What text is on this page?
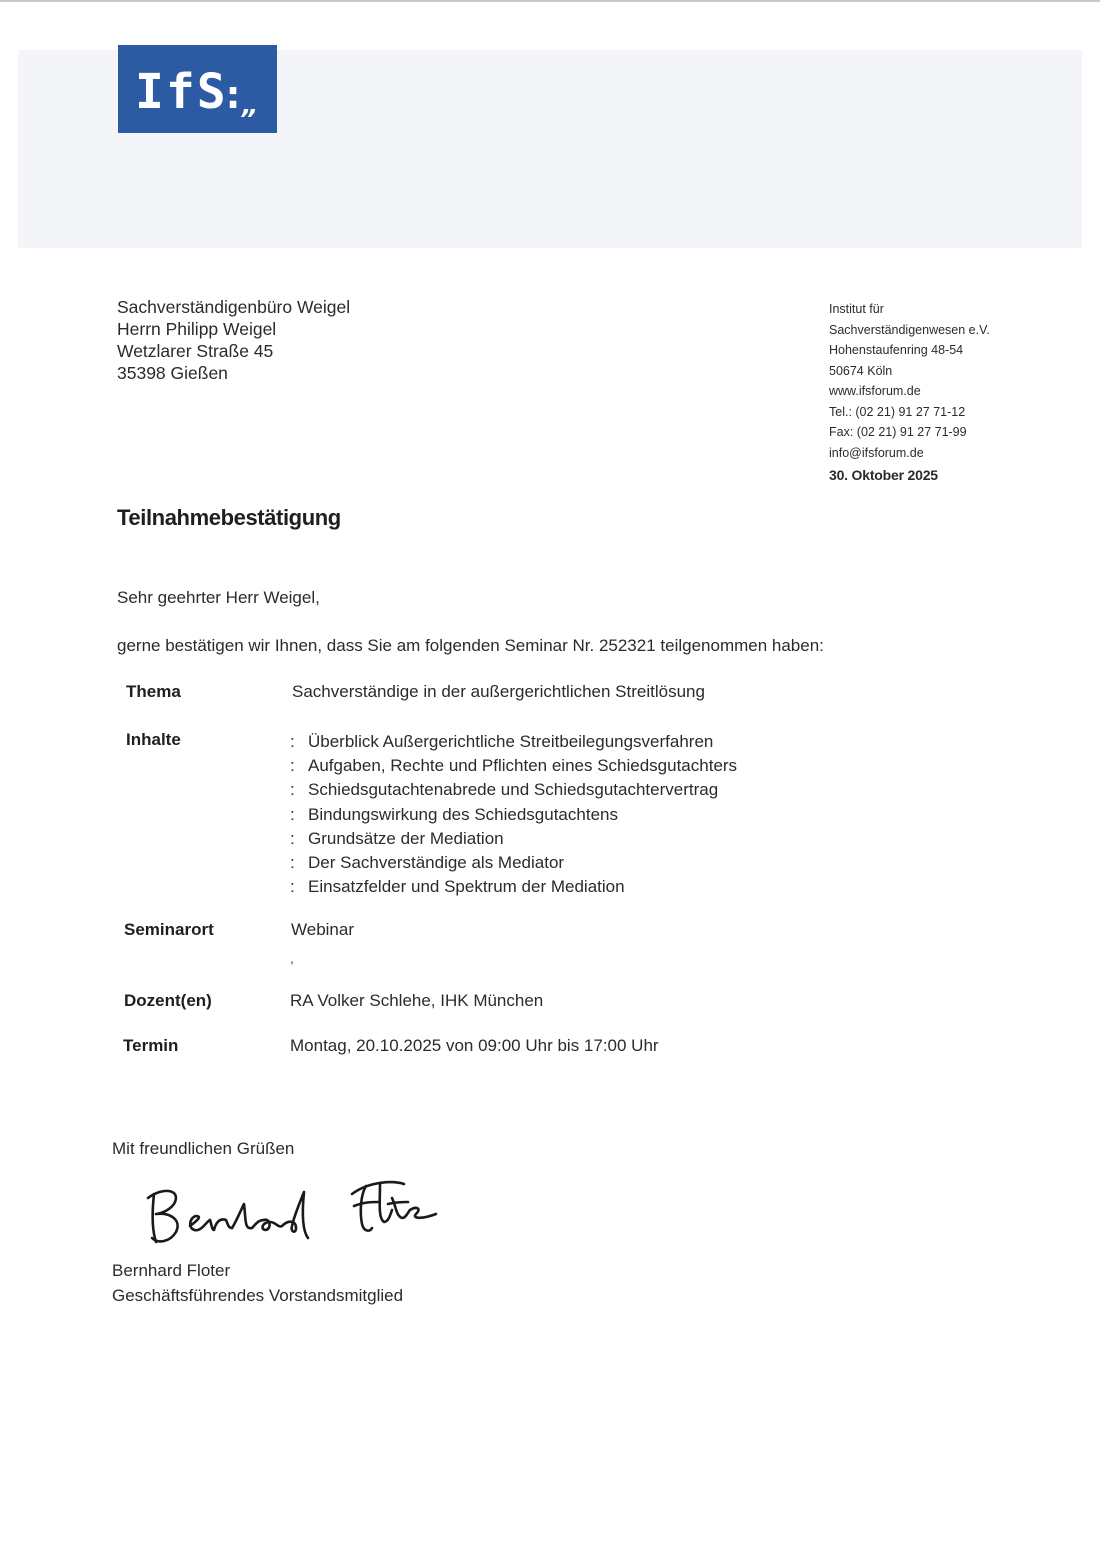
IfS
:
„
Sachverständigenbüro Weigel
Herrn Philipp Weigel
Wetzlarer Straße 45
35398 Gießen
Institut für
Sachverständigenwesen e.V.
Hohenstaufenring 48-54
50674 Köln
www.ifsforum.de
Tel.: (02 21) 91 27 71-12
Fax: (02 21) 91 27 71-99
info@ifsforum.de
30. Oktober 2025
Teilnahmebestätigung
Sehr geehrter Herr Weigel,
gerne bestätigen wir Ihnen, dass Sie am folgenden Seminar Nr. 252321 teilgenommen haben:
Thema	Sachverständige in der außergerichtlichen Streitlösung
Inhalte	: Überblick Außergerichtliche Streitbeilegungsverfahren
: Aufgaben, Rechte und Pflichten eines Schiedsgutachters
: Schiedsgutachtenabrede und Schiedsgutachtervertrag
: Bindungswirkung des Schiedsgutachtens
: Grundsätze der Mediation
: Der Sachverständige als Mediator
: Einsatzfelder und Spektrum der Mediation
Seminarort	Webinar
,
Dozent(en)	RA Volker Schlehe, IHK München
Termin	Montag, 20.10.2025 von 09:00 Uhr bis 17:00 Uhr
Mit freundlichen Grüßen
Bernhard Floter
Geschäftsführendes Vorstandsmitglied
